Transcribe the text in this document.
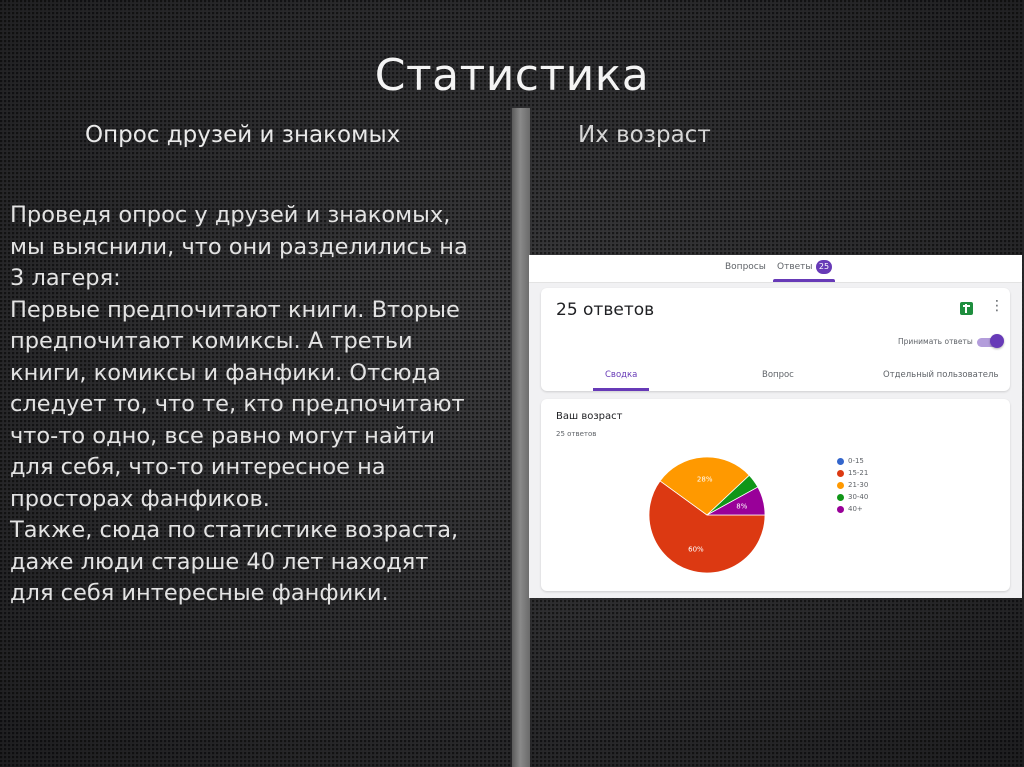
Статистика
Опрос друзей и знакомых	Их возраст
Проведя опрос у друзей и знакомых,
мы выяснили, что они разделились на
3 лагеря:
Первые предпочитают книги. Вторые
предпочитают комиксы. А третьи
книги, комиксы и фанфики. Отсюда
следует то, что те, кто предпочитают
что-то одно, все равно могут найти
для себя, что-то интересное на
просторах фанфиков.
Также, сюда по статистике возраста,
даже люди старше 40 лет находят
для себя интересные фанфики.
Вопросы Ответы 25
25 ответов	⋮
Принимать ответы
Сводка	Вопрос	Отдельный пользователь
Ваш возраст
25 ответов
60%
28%
8%
0-15
15-21
21-30
30-40
40+
